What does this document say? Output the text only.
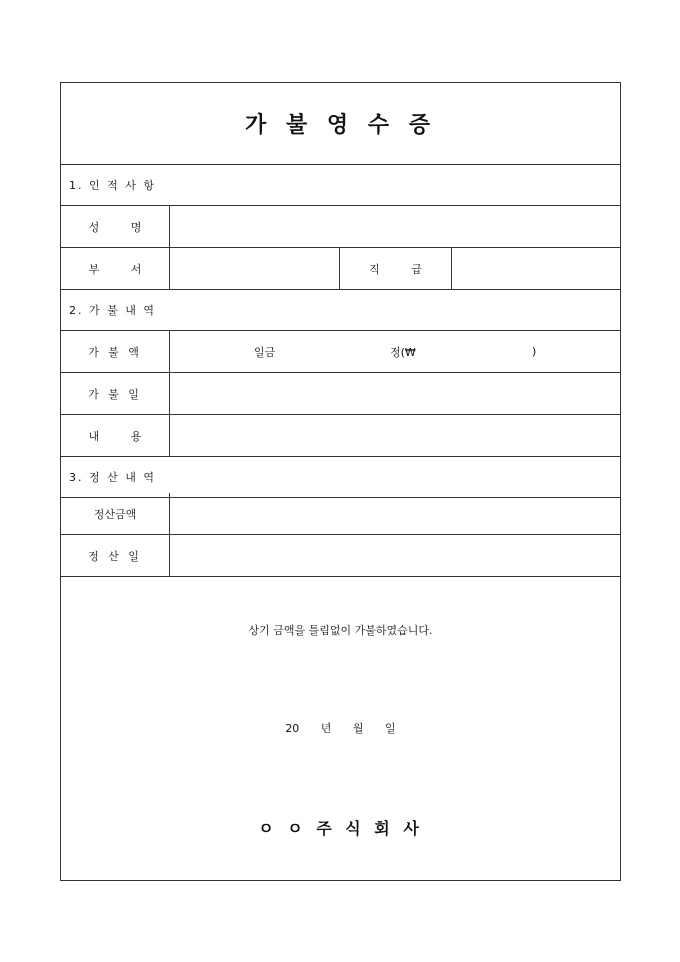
가 불 영 수 증
1. 인 적 사 항
성 명
부 서	직 급
2. 가 불 내 역
가 불 액	일금	정(₩	)
가 불 일
내 용
3. 정 산 내 역
정산금액
정 산 일
상기 금액을 틀림없이 가불하였습니다.
20 년 월 일
ㅇ ㅇ 주 식 회 사
